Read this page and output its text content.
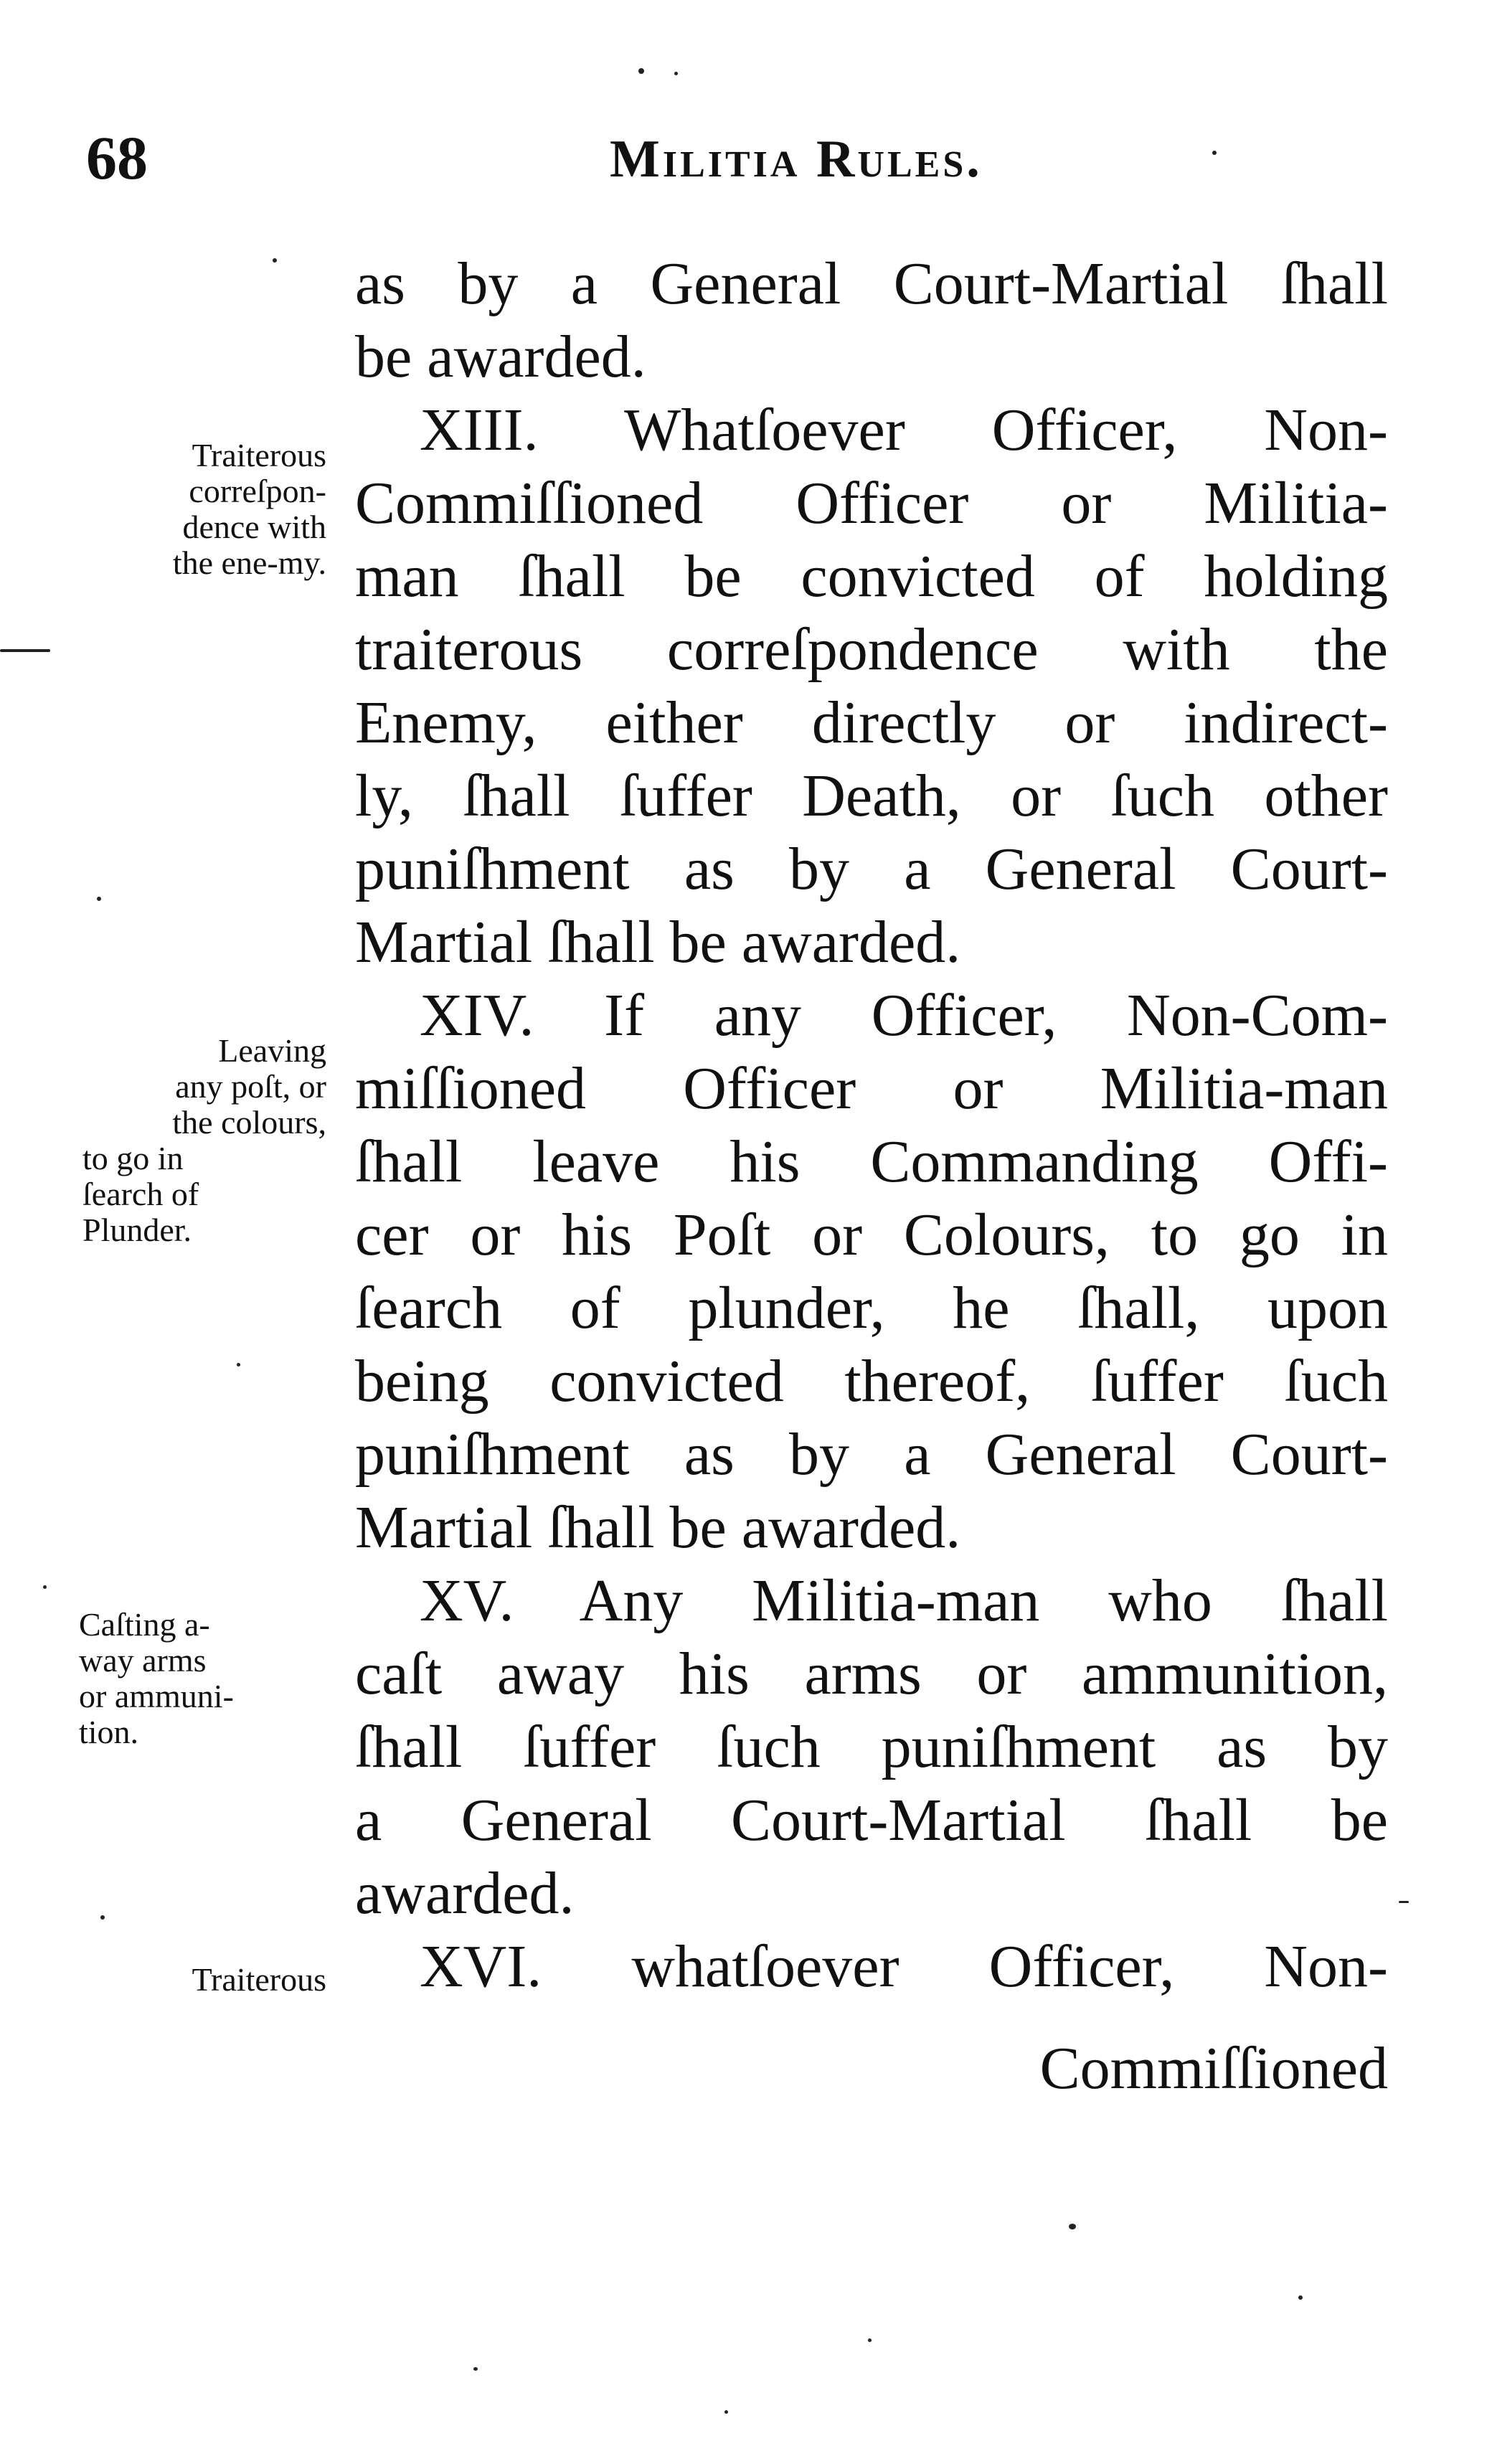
68	Militia Rules.
Traiterous
correſpon-
dence with
the ene-my.
Leaving
any poſt, or
the colours,
to go in
ſearch of
Plunder.
Caſting a-
way arms
or ammuni-
tion.
Traiterous
as by a General Court-Martial ſhall
be awarded.
XIII. Whatſoever Officer, Non-
Commiſſioned Officer or Militia-
man ſhall be convicted of holding
traiterous correſpondence with the
Enemy, either directly or indirect-
ly, ſhall ſuffer Death, or ſuch other
puniſhment as by a General Court-
Martial ſhall be awarded.
XIV. If any Officer, Non-Com-
miſſioned Officer or Militia-man
ſhall leave his Commanding Offi-
cer or his Poſt or Colours, to go in
ſearch of plunder, he ſhall, upon
being convicted thereof, ſuffer ſuch
puniſhment as by a General Court-
Martial ſhall be awarded.
XV. Any Militia-man who ſhall
caſt away his arms or ammunition,
ſhall ſuffer ſuch puniſhment as by
a General Court-Martial ſhall be
awarded.
XVI. whatſoever Officer, Non-
Commiſſioned
